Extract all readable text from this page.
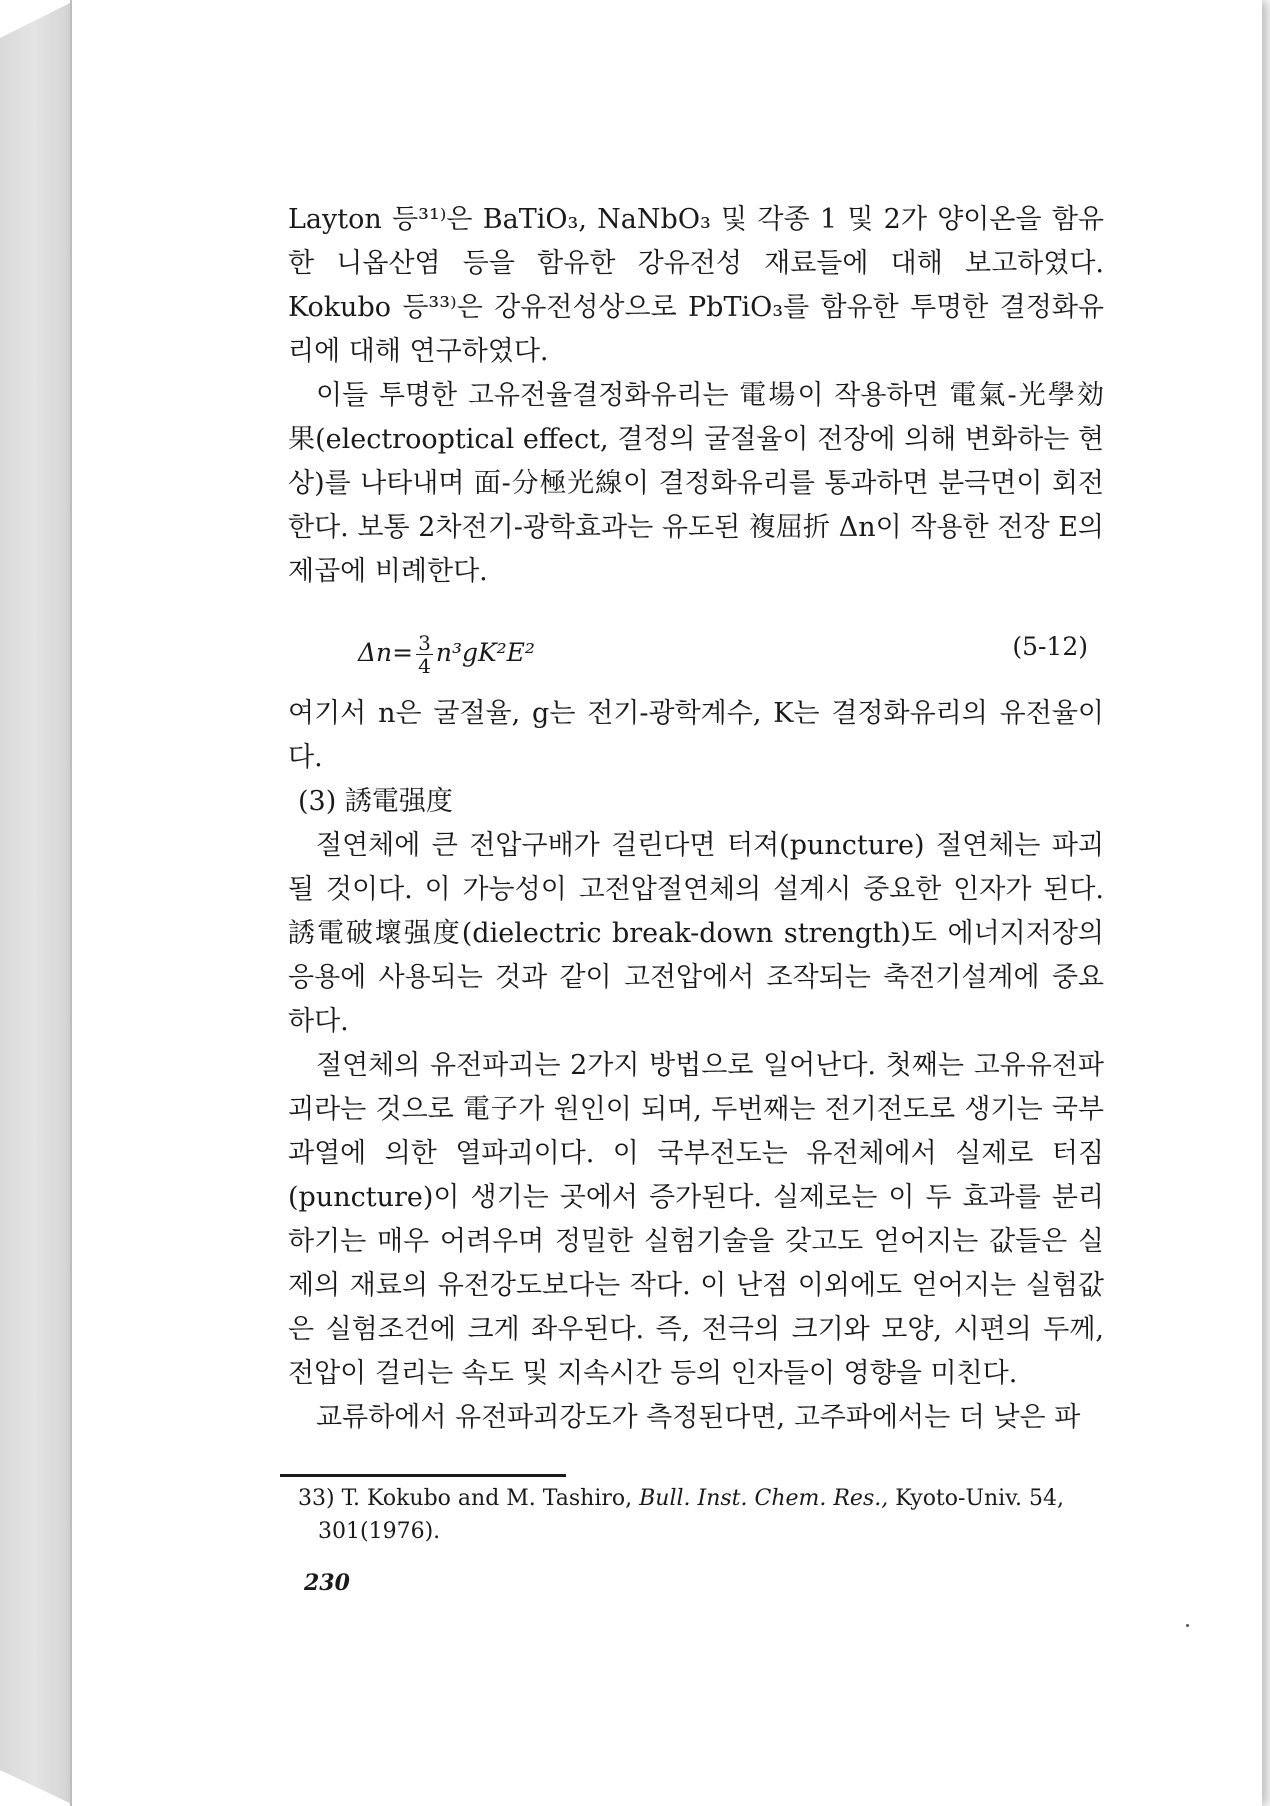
Layton 등³¹⁾은 BaTiO₃, NaNbO₃ 및 각종 1 및 2가 양이온을 함유한 니옵산염 등을 함유한 강유전성 재료들에 대해 보고하였다. Kokubo 등³³⁾은 강유전성상으로 PbTiO₃를 함유한 투명한 결정화유리에 대해 연구하였다.

이들 투명한 고유전율결정화유리는 電場이 작용하면 電氣-光學効果(electrooptical effect, 결정의 굴절율이 전장에 의해 변화하는 현상)를 나타내며 面-分極光線이 결정화유리를 통과하면 분극면이 회전한다. 보통 2차전기-광학효과는 유도된 複屈折 Δn이 작용한 전장 E의 제곱에 비례한다.

$\Delta n= \frac{3}{4} n^3gK^2E^2$	(5-12)

여기서 n은 굴절율, g는 전기-광학계수, K는 결정화유리의 유전율이다.

(3) 誘電强度

절연체에 큰 전압구배가 걸린다면 터져(puncture) 절연체는 파괴될 것이다. 이 가능성이 고전압절연체의 설계시 중요한 인자가 된다. 誘電破壞强度(dielectric break-down strength)도 에너지저장의 응용에 사용되는 것과 같이 고전압에서 조작되는 축전기설계에 중요하다.

절연체의 유전파괴는 2가지 방법으로 일어난다. 첫째는 고유유전파괴라는 것으로 電子가 원인이 되며, 두번째는 전기전도로 생기는 국부과열에 의한 열파괴이다. 이 국부전도는 유전체에서 실제로 터짐(puncture)이 생기는 곳에서 증가된다. 실제로는 이 두 효과를 분리하기는 매우 어려우며 정밀한 실험기술을 갖고도 얻어지는 값들은 실제의 재료의 유전강도보다는 작다. 이 난점 이외에도 얻어지는 실험값은 실험조건에 크게 좌우된다. 즉, 전극의 크기와 모양, 시편의 두께, 전압이 걸리는 속도 및 지속시간 등의 인자들이 영향을 미친다.

교류하에서 유전파괴강도가 측정된다면, 고주파에서는 더 낮은 파

33) T. Kokubo and M. Tashiro, Bull. Inst. Chem. Res., Kyoto-Univ. 54,
301(1976).
230
